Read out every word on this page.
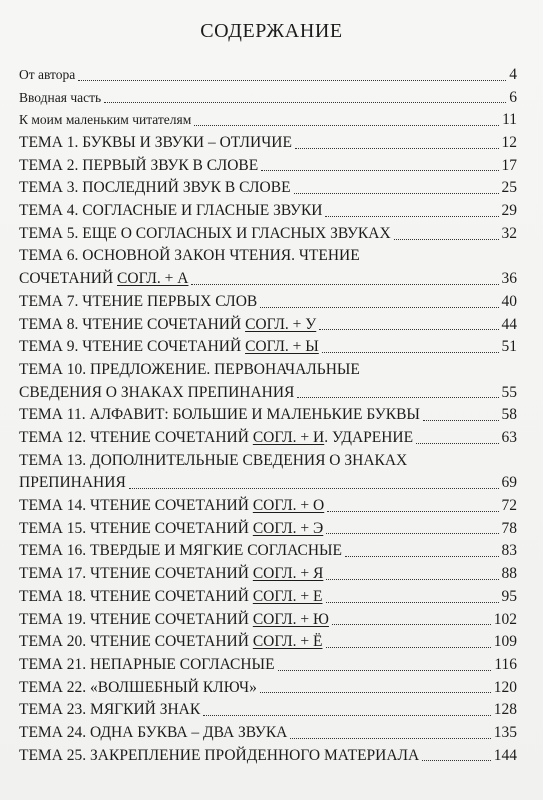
СОДЕРЖАНИЕ
От автора	4
Вводная часть	6
К моим маленьким читателям	11
ТЕМА 1. БУКВЫ И ЗВУКИ – ОТЛИЧИЕ	12
ТЕМА 2. ПЕРВЫЙ ЗВУК В СЛОВЕ	17
ТЕМА 3. ПОСЛЕДНИЙ ЗВУК В СЛОВЕ	25
ТЕМА 4. СОГЛАСНЫЕ И ГЛАСНЫЕ ЗВУКИ	29
ТЕМА 5. ЕЩЕ О СОГЛАСНЫХ И ГЛАСНЫХ ЗВУКАХ	32
ТЕМА 6. ОСНОВНОЙ ЗАКОН ЧТЕНИЯ. ЧТЕНИЕ
СОЧЕТАНИЙ СОГЛ. + А	36
ТЕМА 7. ЧТЕНИЕ ПЕРВЫХ СЛОВ	40
ТЕМА 8. ЧТЕНИЕ СОЧЕТАНИЙ СОГЛ. + У	44
ТЕМА 9. ЧТЕНИЕ СОЧЕТАНИЙ СОГЛ. + Ы	51
ТЕМА 10. ПРЕДЛОЖЕНИЕ. ПЕРВОНАЧАЛЬНЫЕ
СВЕДЕНИЯ О ЗНАКАХ ПРЕПИНАНИЯ	55
ТЕМА 11. АЛФАВИТ: БОЛЬШИЕ И МАЛЕНЬКИЕ БУКВЫ	58
ТЕМА 12. ЧТЕНИЕ СОЧЕТАНИЙ СОГЛ. + И . УДАРЕНИЕ	63
ТЕМА 13. ДОПОЛНИТЕЛЬНЫЕ СВЕДЕНИЯ О ЗНАКАХ
ПРЕПИНАНИЯ	69
ТЕМА 14. ЧТЕНИЕ СОЧЕТАНИЙ СОГЛ. + О	72
ТЕМА 15. ЧТЕНИЕ СОЧЕТАНИЙ СОГЛ. + Э	78
ТЕМА 16. ТВЕРДЫЕ И МЯГКИЕ СОГЛАСНЫЕ	83
ТЕМА 17. ЧТЕНИЕ СОЧЕТАНИЙ СОГЛ. + Я	88
ТЕМА 18. ЧТЕНИЕ СОЧЕТАНИЙ СОГЛ. + Е	95
ТЕМА 19. ЧТЕНИЕ СОЧЕТАНИЙ СОГЛ. + Ю	102
ТЕМА 20. ЧТЕНИЕ СОЧЕТАНИЙ СОГЛ. + Ё	109
ТЕМА 21. НЕПАРНЫЕ СОГЛАСНЫЕ	116
ТЕМА 22. «ВОЛШЕБНЫЙ КЛЮЧ»	120
ТЕМА 23. МЯГКИЙ ЗНАК	128
ТЕМА 24. ОДНА БУКВА – ДВА ЗВУКА	135
ТЕМА 25. ЗАКРЕПЛЕНИЕ ПРОЙДЕННОГО МАТЕРИАЛА	144
